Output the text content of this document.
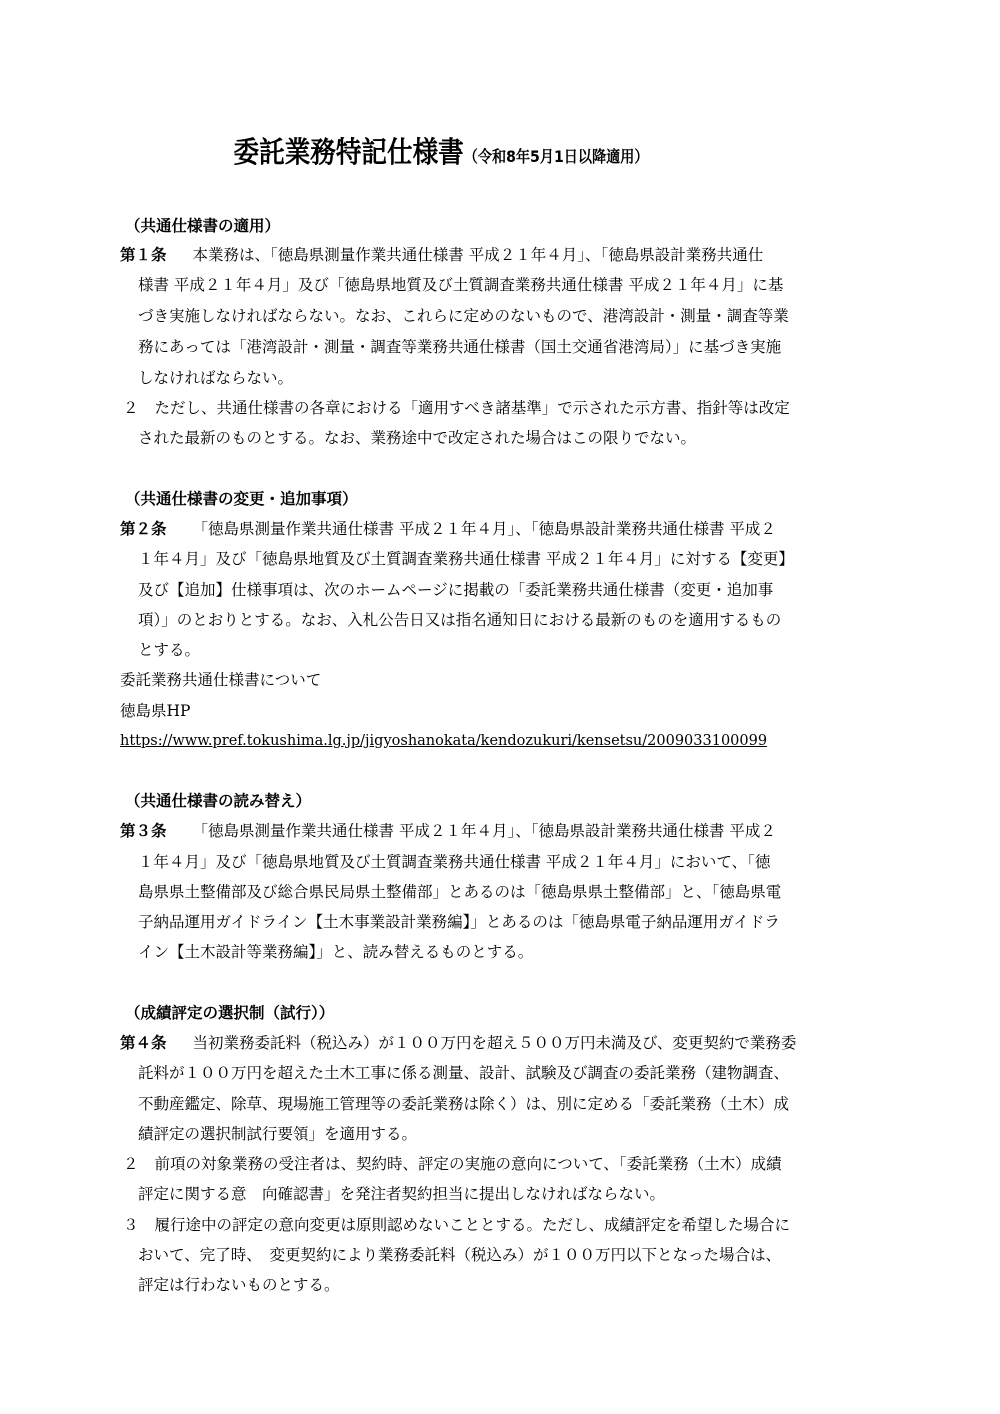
委託業務特記仕様書（令和8年5月1日以降適用）
（共通仕様書の適用）
第１条 本業務は、「徳島県測量作業共通仕様書 平成２１年４月」、「徳島県設計業務共通仕
様書 平成２１年４月」及び「徳島県地質及び土質調査業務共通仕様書 平成２１年４月」に基
づき実施しなければならない。なお、これらに定めのないもので、港湾設計・測量・調査等業
務にあっては「港湾設計・測量・調査等業務共通仕様書（国土交通省港湾局）」に基づき実施
しなければならない。
２ ただし、共通仕様書の各章における「適用すべき諸基準」で示された示方書、指針等は改定
された最新のものとする。なお、業務途中で改定された場合はこの限りでない。
（共通仕様書の変更・追加事項）
第２条 「徳島県測量作業共通仕様書 平成２１年４月」、「徳島県設計業務共通仕様書 平成２
１年４月」及び「徳島県地質及び土質調査業務共通仕様書 平成２１年４月」に対する【変更】
及び【追加】仕様事項は、次のホームページに掲載の「委託業務共通仕様書（変更・追加事
項）」のとおりとする。なお、入札公告日又は指名通知日における最新のものを適用するもの
とする。
委託業務共通仕様書について
徳島県HP
https://www.pref.tokushima.lg.jp/jigyoshanokata/kendozukuri/kensetsu/2009033100099
（共通仕様書の読み替え）
第３条 「徳島県測量作業共通仕様書 平成２１年４月」、「徳島県設計業務共通仕様書 平成２
１年４月」及び「徳島県地質及び土質調査業務共通仕様書 平成２１年４月」において、「徳
島県県土整備部及び総合県民局県土整備部」とあるのは「徳島県県土整備部」と、「徳島県電
子納品運用ガイドライン【土木事業設計業務編】」とあるのは「徳島県電子納品運用ガイドラ
イン【土木設計等業務編】」と、読み替えるものとする。
（成績評定の選択制（試行））
第４条 当初業務委託料（税込み）が１００万円を超え５００万円未満及び、変更契約で業務委
託料が１００万円を超えた土木工事に係る測量、設計、試験及び調査の委託業務（建物調査、
不動産鑑定、除草、現場施工管理等の委託業務は除く）は、別に定める「委託業務（土木）成
績評定の選択制試行要領」を適用する。
２ 前項の対象業務の受注者は、契約時、評定の実施の意向について、「委託業務（土木）成績
評定に関する意　向確認書」を発注者契約担当に提出しなければならない。
３ 履行途中の評定の意向変更は原則認めないこととする。ただし、成績評定を希望した場合に
おいて、完了時、　変更契約により業務委託料（税込み）が１００万円以下となった場合は、
評定は行わないものとする。
